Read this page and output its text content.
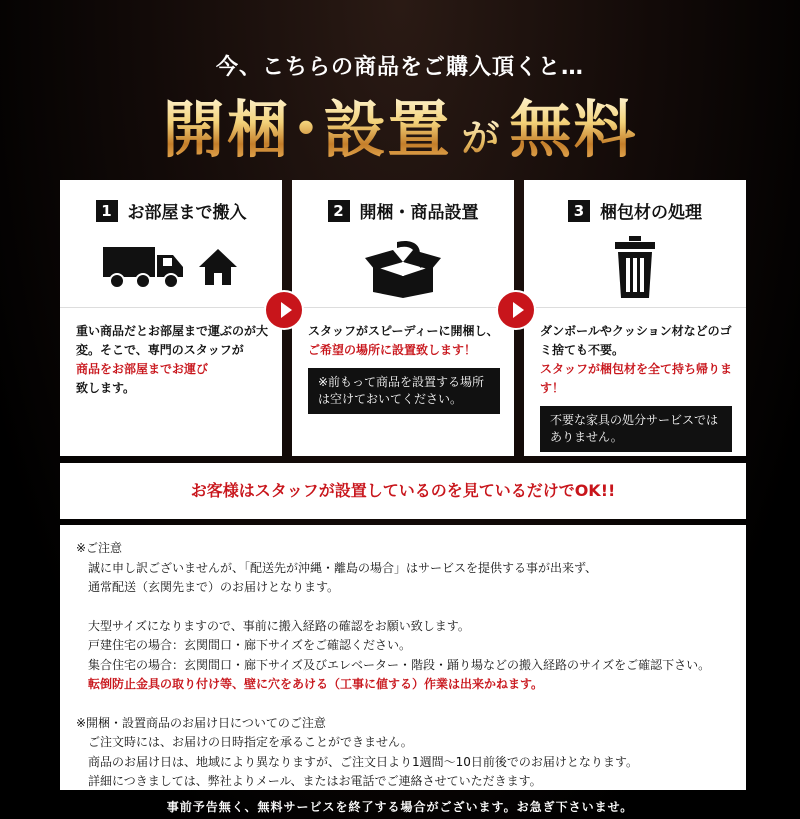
今、こちらの商品をご購入頂くと…
開梱･設置 が 無料
1 お部屋まで搬入
重い商品だとお部屋まで運ぶのが大変。そこで、専門のスタッフが
商品をお部屋までお運び
致します。
2 開梱・商品設置
スタッフがスピーディーに開梱し、
ご希望の場所に設置致します！
※前もって商品を設置する場所は空けておいてください。
3 梱包材の処理
ダンボールやクッション材などのゴミ捨ても不要。
スタッフが梱包材を全て持ち帰ります！
不要な家具の処分サービスではありません。
お客様はスタッフが設置しているのを見ているだけでOK!!
※ご注意
誠に申し訳ございませんが、「配送先が沖縄・離島の場合」はサービスを提供する事が出来ず、
通常配送（玄関先まで）のお届けとなります。
大型サイズになりますので、事前に搬入経路の確認をお願い致します。
戸建住宅の場合：玄関間口・廊下サイズをご確認ください。
集合住宅の場合：玄関間口・廊下サイズ及びエレベーター・階段・踊り場などの搬入経路のサイズをご確認下さい。
転倒防止金具の取り付け等、壁に穴をあける（工事に値する）作業は出来かねます。
※開梱・設置商品のお届け日についてのご注意
ご注文時には、お届けの日時指定を承ることができません。
商品のお届け日は、地域により異なりますが、ご注文日より1週間〜10日前後でのお届けとなります。
詳細につきましては、弊社よりメール、またはお電話でご連絡させていただきます。
事前予告無く、無料サービスを終了する場合がございます。お急ぎ下さいませ。
